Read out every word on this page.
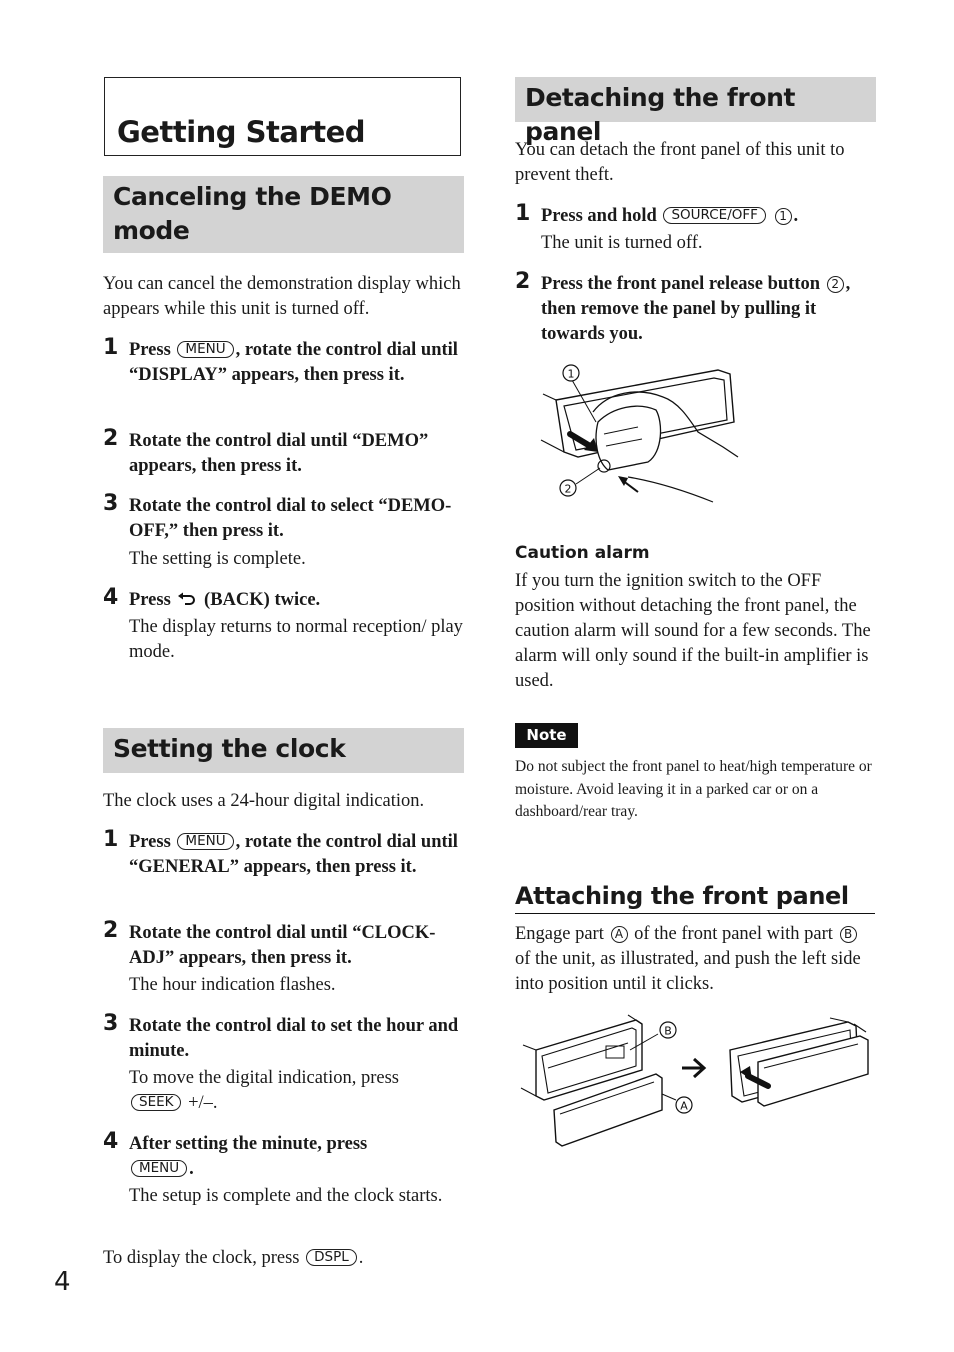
Getting Started
Canceling the DEMO mode
You can cancel the demonstration display which appears while this unit is turned off.
1 Press MENU , rotate the control dial until “DISPLAY” appears, then press it.
2 Rotate the control dial until “DEMO” appears, then press it.
3 Rotate the control dial to select “DEMO-OFF,” then press it.
The setting is complete.
4 Press (BACK) twice.
The display returns to normal reception/ play mode.
Setting the clock
The clock uses a 24-hour digital indication.
1 Press MENU , rotate the control dial until “GENERAL” appears, then press it.
2 Rotate the control dial until “CLOCK-ADJ” appears, then press it.
The hour indication flashes.
3 Rotate the control dial to set the hour and minute.
To move the digital indication, press
SEEK +/–.
4 After setting the minute, press
MENU .
The setup is complete and the clock starts.
To display the clock, press DSPL .
4
Detaching the front panel
You can detach the front panel of this unit to prevent theft.
1 Press and hold SOURCE/OFF 1 .
The unit is turned off.
2 Press the front panel release button 2 , then remove the panel by pulling it towards you.
1
2
Caution alarm
If you turn the ignition switch to the OFF position without detaching the front panel, the caution alarm will sound for a few seconds. The alarm will only sound if the built-in amplifier is used.
Note
Do not subject the front panel to heat/high temperature or moisture. Avoid leaving it in a parked car or on a dashboard/rear tray.
Attaching the front panel
Engage part A of the front panel with part B of the unit, as illustrated, and push the left side into position until it clicks.
B
A
